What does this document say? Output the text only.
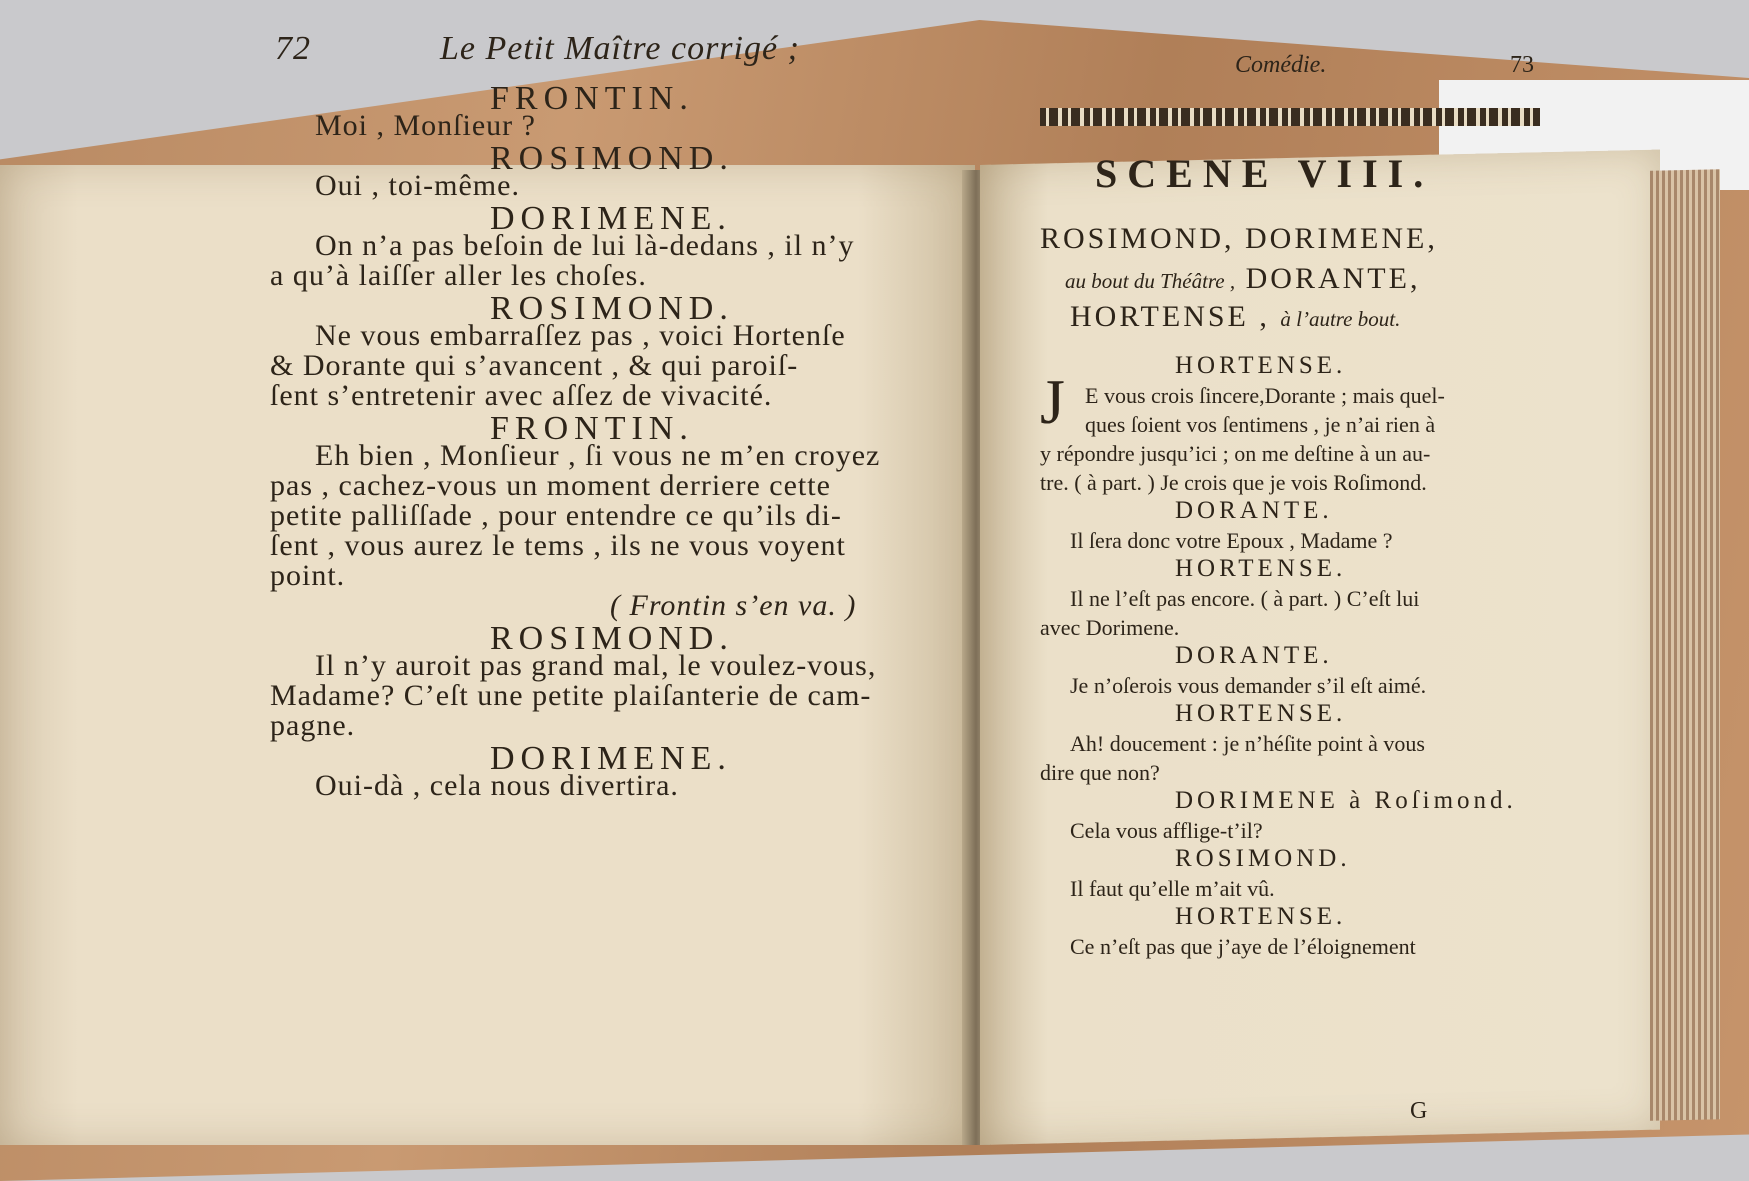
72	Le Petit Maître corrigé ;
FRONTIN.
Moi , Monſieur ?
ROSIMOND.
Oui , toi-même.
DORIMENE.
On n’a pas beſoin de lui là-dedans , il n’y
a qu’à laiſſer aller les choſes.
ROSIMOND.
Ne vous embarraſſez pas , voici Hortenſe
& Dorante qui s’avancent , & qui paroiſ-
ſent s’entretenir avec aſſez de vivacité.
FRONTIN.
Eh bien , Monſieur , ſi vous ne m’en croyez
pas , cachez-vous un moment derriere cette
petite palliſſade , pour entendre ce qu’ils di-
ſent , vous aurez le tems , ils ne vous voyent
point.
( Frontin s’en va. )
ROSIMOND.
Il n’y auroit pas grand mal, le voulez-vous,
Madame? C’eſt une petite plaiſanterie de cam-
pagne.
DORIMENE.
Oui-dà , cela nous divertira.
Comédie.	73
SCENE VIII.
ROSIMOND, DORIMENE,
au bout du Théâtre , DORANTE,
HORTENSE , à l’autre bout.
J
HORTENSE.
E vous crois ſincere,Dorante ; mais quel-
ques ſoient vos ſentimens , je n’ai rien à
y répondre jusqu’ici ; on me deſtine à un au-
tre. ( à part. ) Je crois que je vois Roſimond.
DORANTE.
Il ſera donc votre Epoux , Madame ?
HORTENSE.
Il ne l’eſt pas encore. ( à part. ) C’eſt lui
avec Dorimene.
DORANTE.
Je n’oſerois vous demander s’il eſt aimé.
HORTENSE.
Ah! doucement : je n’héſite point à vous
dire que non?
DORIMENE à Roſimond.
Cela vous afflige-t’il?
ROSIMOND.
Il faut qu’elle m’ait vû.
HORTENSE.
Ce n’eſt pas que j’aye de l’éloignement
G
